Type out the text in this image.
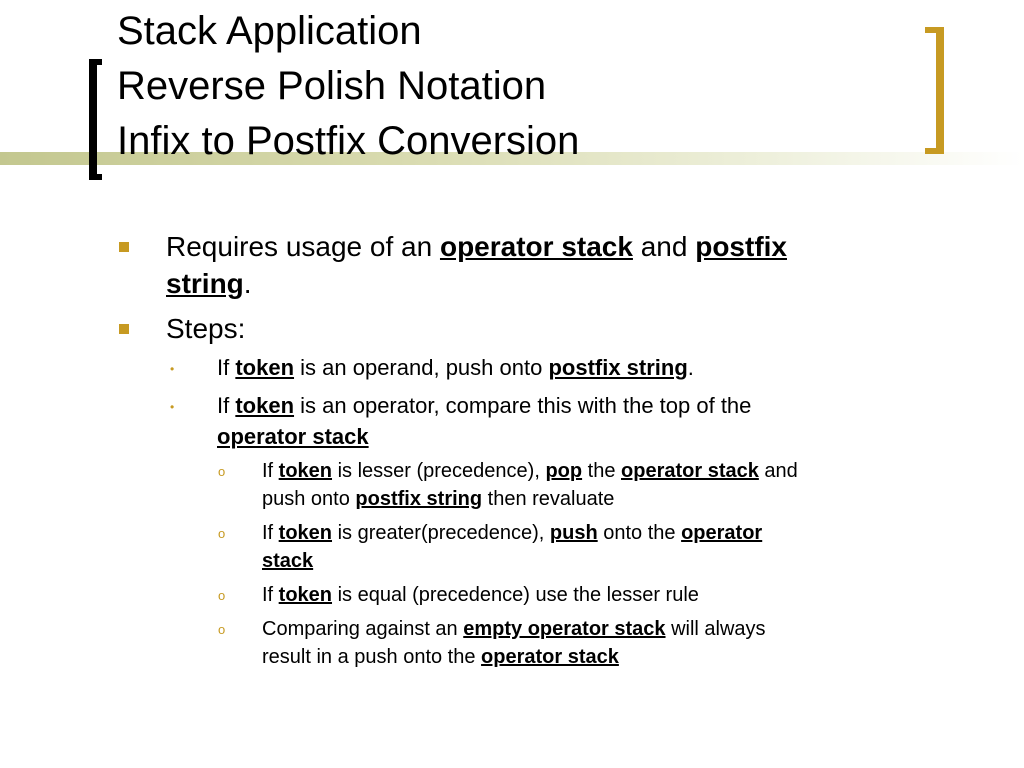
Stack Application
Reverse Polish Notation
Infix to Postfix Conversion
Requires usage of an operator stack and postfix
string.
Steps:
• If token is an operand, push onto postfix string.
• If token is an operator, compare this with the top of the
operator stack
o If token is lesser (precedence), pop the operator stack and
push onto postfix string then revaluate
o If token is greater(precedence), push onto the operator
stack
o If token is equal (precedence) use the lesser rule
o Comparing against an empty operator stack will always
result in a push onto the operator stack
